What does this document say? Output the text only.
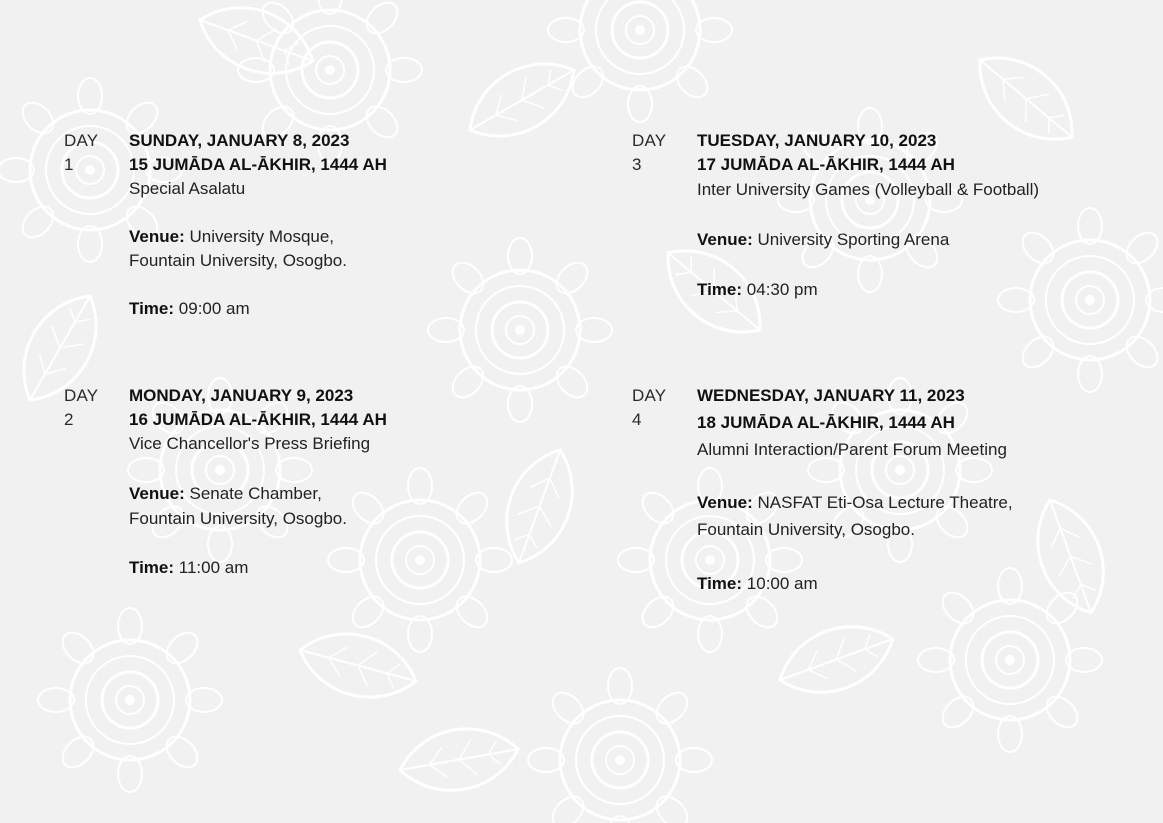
DAY 1
SUNDAY, JANUARY 8, 2023
15 JUMĀDA AL-ĀKHIR, 1444 AH
Special Asalatu
Venue: University Mosque,
Fountain University, Osogbo.
Time: 09:00 am
DAY 2
MONDAY, JANUARY 9, 2023
16 JUMĀDA AL-ĀKHIR, 1444 AH
Vice Chancellor's Press Briefing
Venue: Senate Chamber,
Fountain University, Osogbo.
Time: 11:00 am
DAY 3
TUESDAY, JANUARY 10, 2023
17 JUMĀDA AL-ĀKHIR, 1444 AH
Inter University Games (Volleyball & Football)
Venue: University Sporting Arena
Time: 04:30 pm
DAY 4
WEDNESDAY, JANUARY 11, 2023
18 JUMĀDA AL-ĀKHIR, 1444 AH
Alumni Interaction/Parent Forum Meeting
Venue: NASFAT Eti-Osa Lecture Theatre,
Fountain University, Osogbo.
Time: 10:00 am
